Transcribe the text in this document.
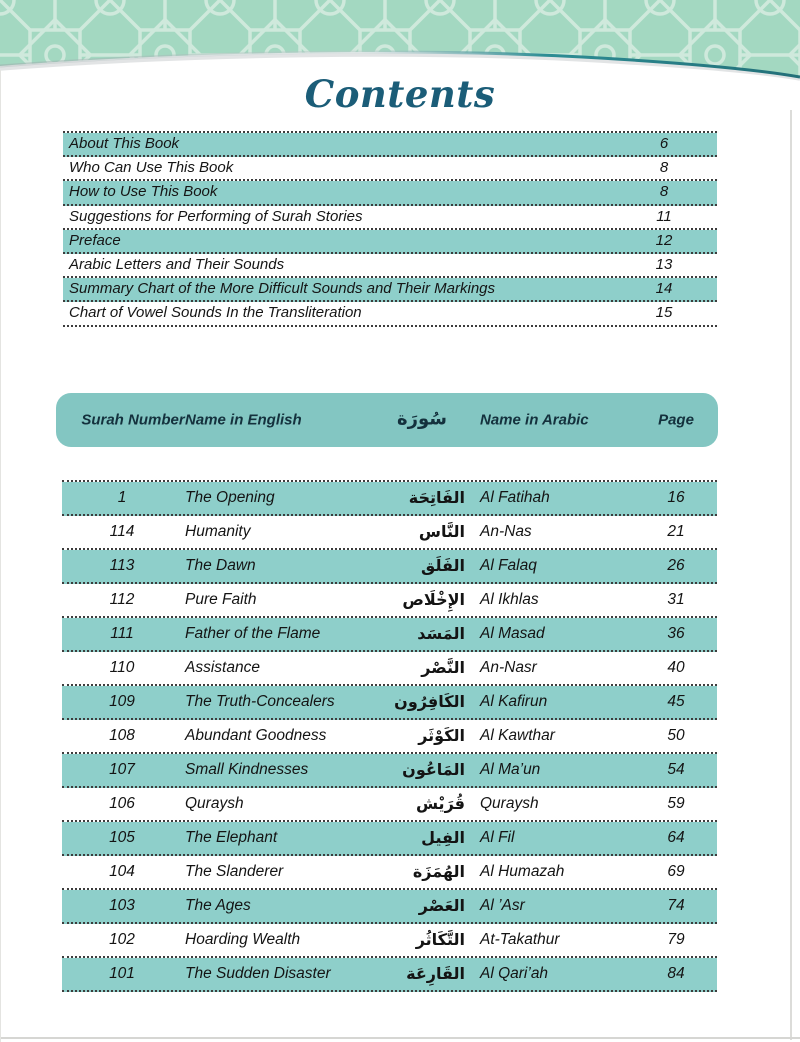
Contents
About This Book	6
Who Can Use This Book	8
How to Use This Book	8
Suggestions for Performing of Surah Stories	11
Preface	12
Arabic Letters and Their Sounds	13
Summary Chart of the More Difficult Sounds and Their Markings	14
Chart of Vowel Sounds In the Transliteration	15
Surah Number Name in English	سُورَة	Name in Arabic	Page
1	The Opening	الفَاتِحَة Al Fatihah	16
114	Humanity	النَّاس An-Nas	21
113	The Dawn	الفَلَق Al Falaq	26
112	Pure Faith	الإِخْلَاص Al Ikhlas	31
111	Father of the Flame	المَسَد Al Masad	36
110	Assistance	النَّصْر An-Nasr	40
109	The Truth-Concealers	الكَافِرُون Al Kafirun	45
108	Abundant Goodness	الكَوْثَر Al Kawthar	50
107	Small Kindnesses	المَاعُون Al Ma’un	54
106	Quraysh	قُرَيْش Quraysh	59
105	The Elephant	الفِيل Al Fil	64
104	The Slanderer	الهُمَزَة Al Humazah	69
103	The Ages	العَصْر Al ’Asr	74
102	Hoarding Wealth	التَّكَاثُر At-Takathur	79
101	The Sudden Disaster	القَارِعَة Al Qari’ah	84
